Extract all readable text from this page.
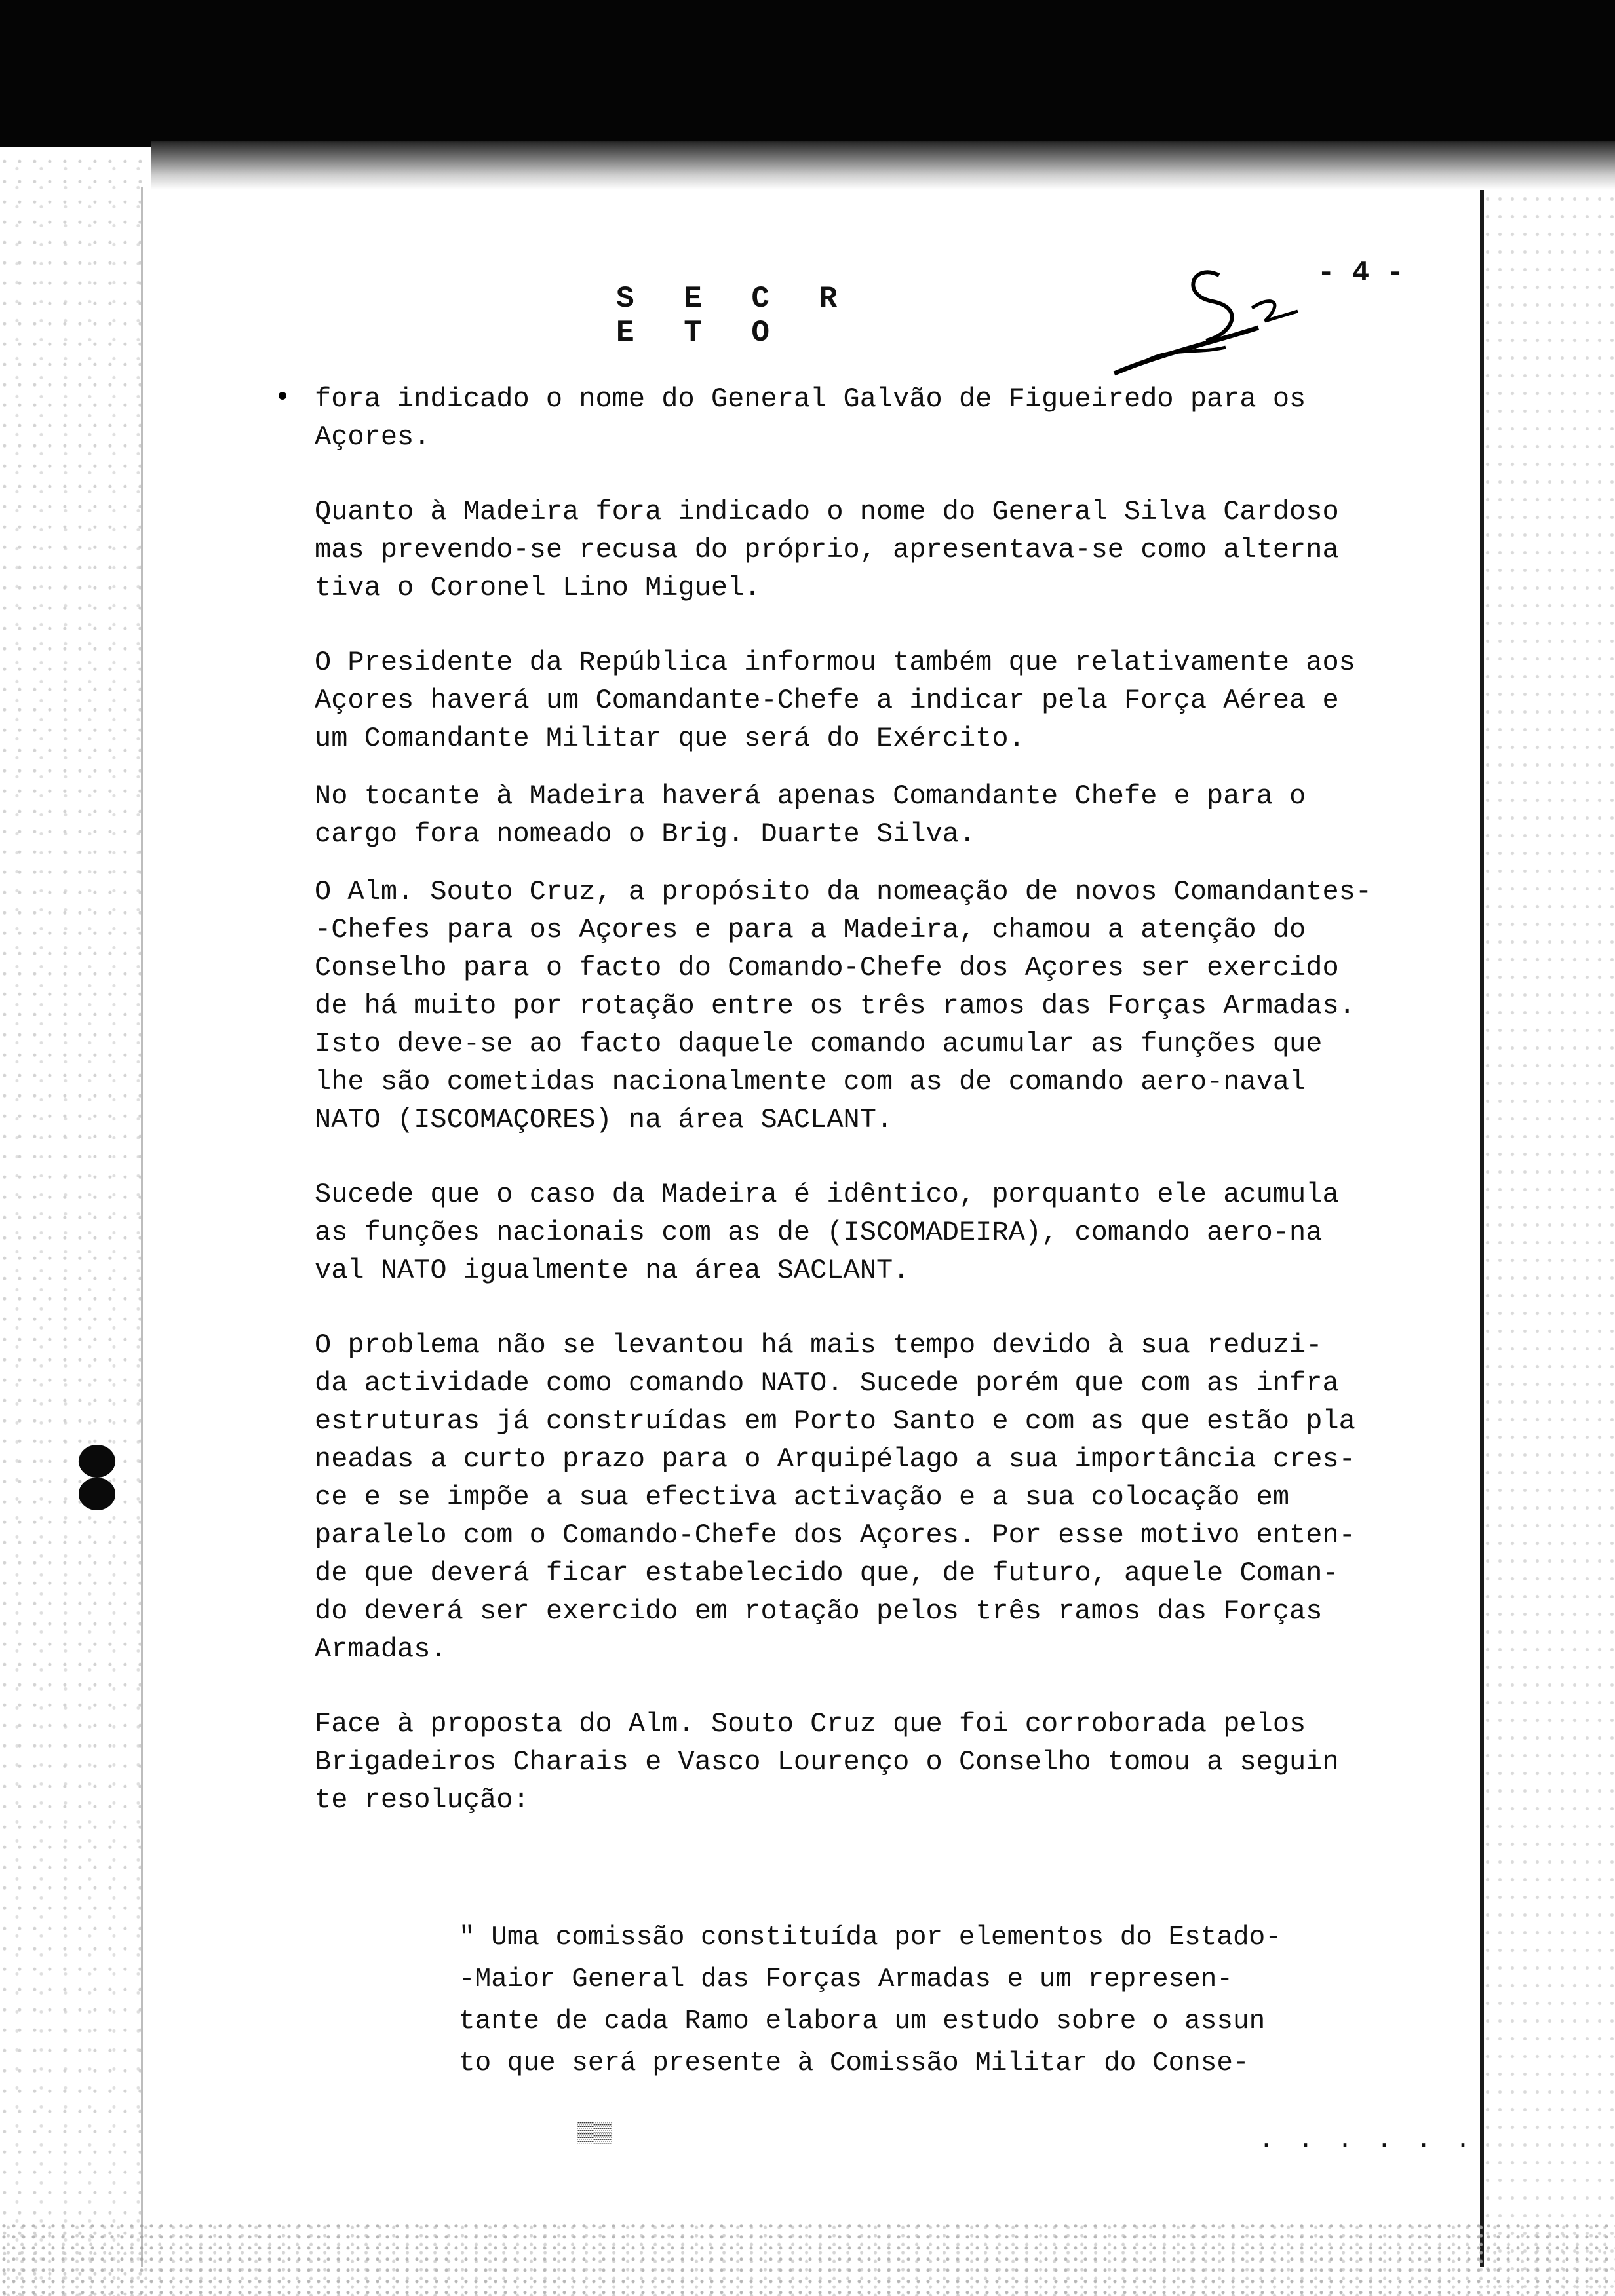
S E C R E T O
- 4 -

fora indicado o nome do General Galvão de Figueiredo para os
Açores.

Quanto à Madeira fora indicado o nome do General Silva Cardoso
mas prevendo-se recusa do próprio, apresentava-se como alterna
tiva o Coronel Lino Miguel.

O Presidente da República informou também que relativamente aos
Açores haverá um Comandante-Chefe a indicar pela Força Aérea e
um Comandante Militar que será do Exército.

No tocante à Madeira haverá apenas Comandante Chefe e para o
cargo fora nomeado o Brig. Duarte Silva.

O Alm. Souto Cruz, a propósito da nomeação de novos Comandantes-
-Chefes para os Açores e para a Madeira, chamou a atenção do
Conselho para o facto do Comando-Chefe dos Açores ser exercido
de há muito por rotação entre os três ramos das Forças Armadas.
Isto deve-se ao facto daquele comando acumular as funções que
lhe são cometidas nacionalmente com as de comando aero-naval
NATO (ISCOMAÇORES) na área SACLANT.

Sucede que o caso da Madeira é idêntico, porquanto ele acumula
as funções nacionais com as de (ISCOMADEIRA), comando aero-na
val NATO igualmente na área SACLANT.

O problema não se levantou há mais tempo devido à sua reduzi-
da actividade como comando NATO. Sucede porém que com as infra
estruturas já construídas em Porto Santo e com as que estão pla
neadas a curto prazo para o Arquipélago a sua importância cres-
ce e se impõe a sua efectiva activação e a sua colocação em
paralelo com o Comando-Chefe dos Açores. Por esse motivo enten-
de que deverá ficar estabelecido que, de futuro, aquele Coman-
do deverá ser exercido em rotação pelos três ramos das Forças
Armadas.

Face à proposta do Alm. Souto Cruz que foi corroborada pelos
Brigadeiros Charais e Vasco Lourenço o Conselho tomou a seguin
te resolução:

" Uma comissão constituída por elementos do Estado-
-Maior General das Forças Armadas e um represen-
tante de cada Ramo elabora um estudo sobre o assun
to que será presente à Comissão Militar do Conse-
▒▒▒	. . . . . .
